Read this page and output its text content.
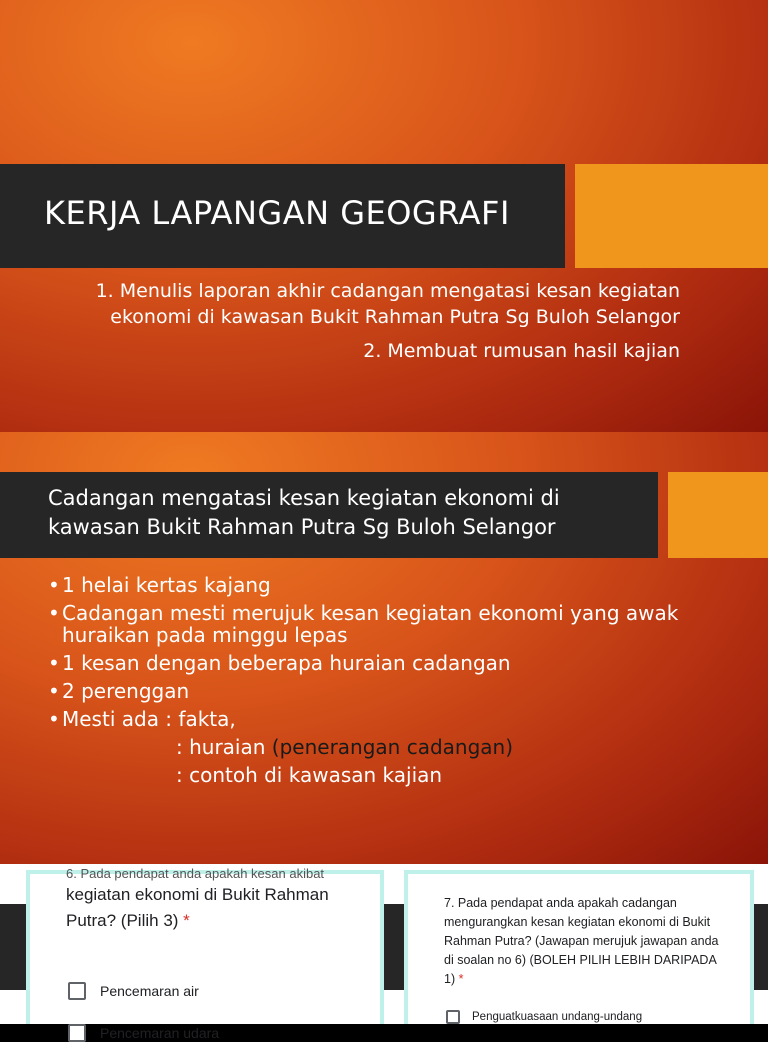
KERJA LAPANGAN GEOGRAFI
1. Menulis laporan akhir cadangan mengatasi kesan kegiatan ekonomi di kawasan Bukit Rahman Putra Sg Buloh Selangor
2. Membuat rumusan hasil kajian
Cadangan mengatasi kesan kegiatan ekonomi di kawasan Bukit Rahman Putra Sg Buloh Selangor
• 1 helai kertas kajang
• Cadangan mesti merujuk kesan kegiatan ekonomi yang awak huraikan pada minggu lepas
• 1 kesan dengan beberapa huraian cadangan
• 2 perenggan
• Mesti ada : fakta,
: huraian (penerangan cadangan)
: contoh di kawasan kajian
6. Pada pendapat anda apakah kesan akibat
kegiatan ekonomi di Bukit Rahman Putra? (Pilih 3) *
Pencemaran air
Pencemaran udara
7. Pada pendapat anda apakah cadangan mengurangkan kesan kegiatan ekonomi di Bukit Rahman Putra? (Jawapan merujuk jawapan anda di soalan no 6) (BOLEH PILIH LEBIH DARIPADA 1) *
Penguatkuasaan undang-undang
